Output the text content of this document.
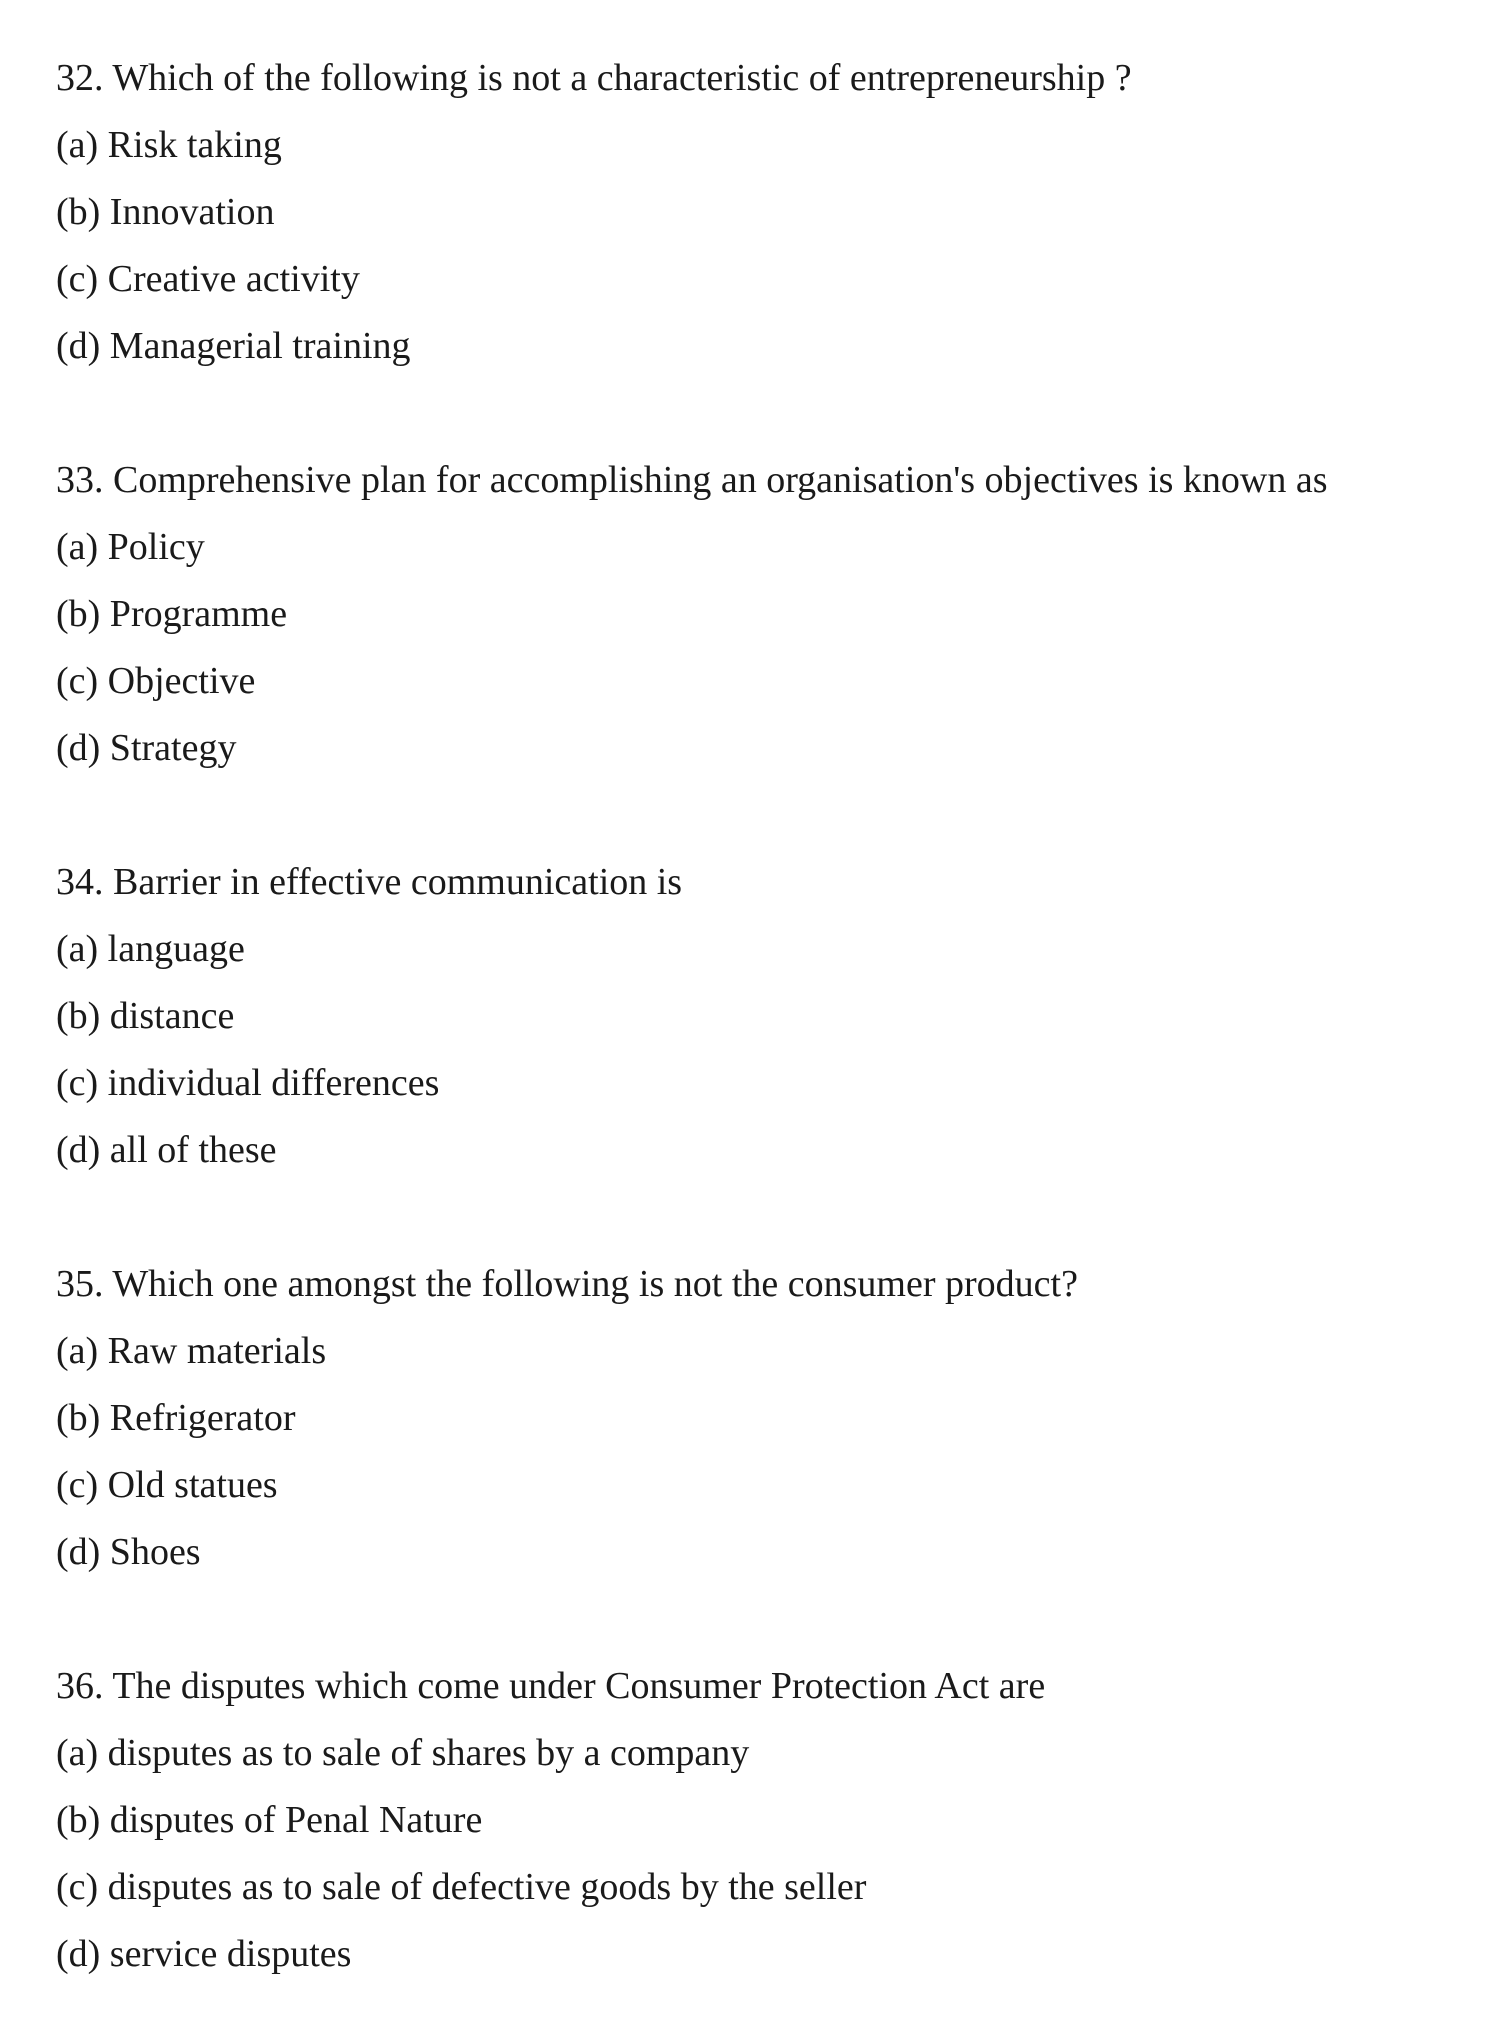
32. Which of the following is not a characteristic of entrepreneurship ?
(a) Risk taking
(b) Innovation
(c) Creative activity
(d) Managerial training
33. Comprehensive plan for accomplishing an organisation's objectives is known as
(a) Policy
(b) Programme
(c) Objective
(d) Strategy
34. Barrier in effective communication is
(a) language
(b) distance
(c) individual differences
(d) all of these
35. Which one amongst the following is not the consumer product?
(a) Raw materials
(b) Refrigerator
(c) Old statues
(d) Shoes
36. The disputes which come under Consumer Protection Act are
(a) disputes as to sale of shares by a company
(b) disputes of Penal Nature
(c) disputes as to sale of defective goods by the seller
(d) service disputes
